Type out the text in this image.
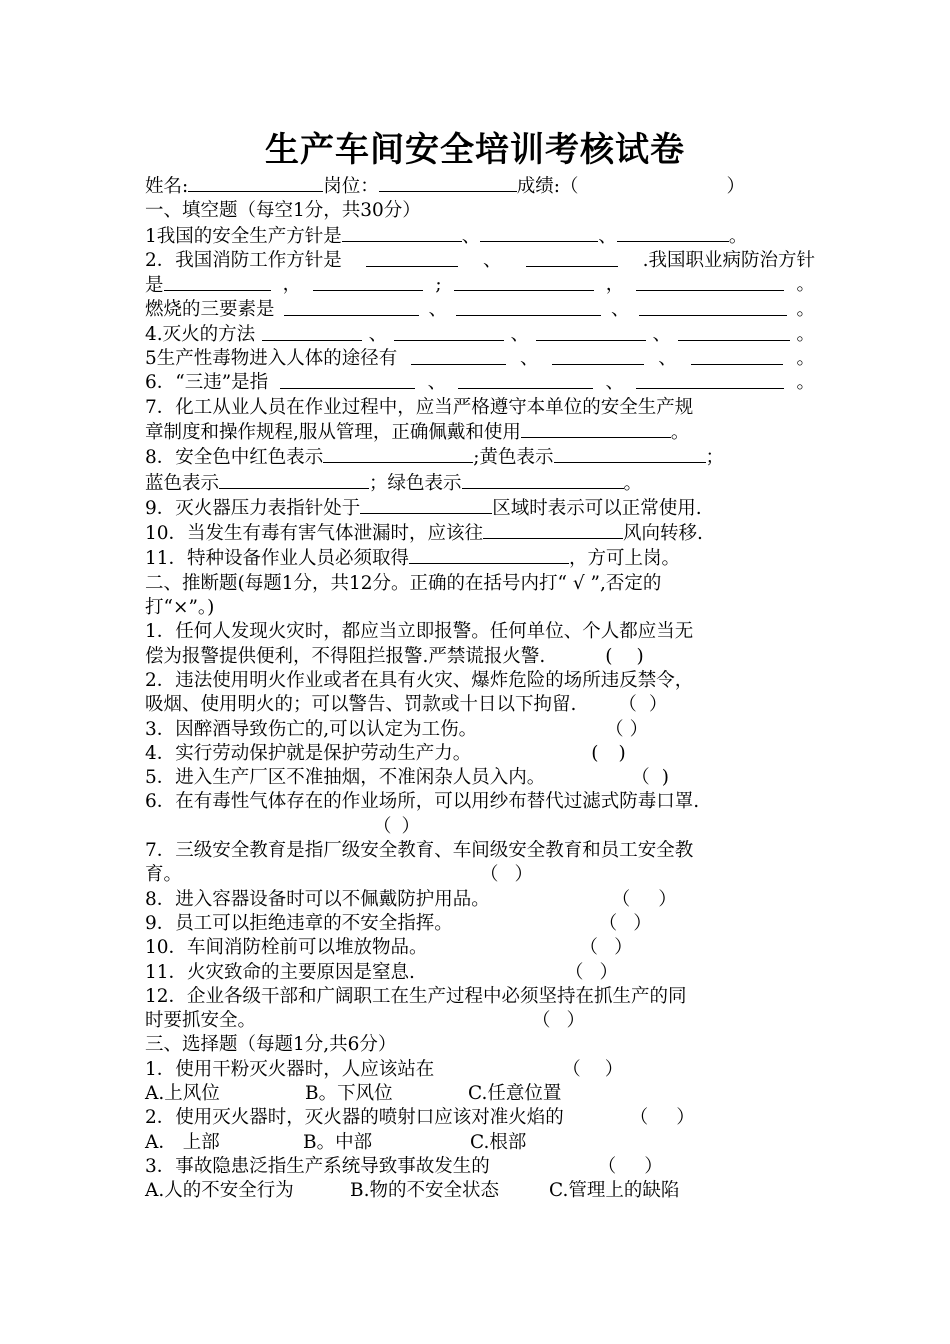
生产车间安全培训考核试卷
姓名:	岗位：	成绩:（	）
一、填空题（每空1分，共30分）
1我国的安全生产方针是	、	、	。
2．我国消防工作方针是	、	.我国职业病防治方针
是	，	;	，	。
燃烧的三要素是	、	、	。
4.灭火的方法	、	、	、	。
5生产性毒物进入人体的途径有	、	、	。
6．“三违”是指	、	、	。
7．化工从业人员在作业过程中，应当严格遵守本单位的安全生产规
章制度和操作规程,服从管理，正确佩戴和使用	。
8．安全色中红色表示	;黄色表示	；
蓝色表示	；绿色表示	。
9．灭火器压力表指针处于	区域时表示可以正常使用.
10．当发生有毒有害气体泄漏时，应该往	风向转移.
11．特种设备作业人员必须取得	，方可上岗。
二、推断题(每题1分，共12分。正确的在括号内打“ √ ”,否定的
打“×”。)
1．任何人发现火灾时，都应当立即报警。任何单位、个人都应当无
偿为报警提供便利，不得阻拦报警.严禁谎报火警.	( )
2．违法使用明火作业或者在具有火灾、爆炸危险的场所违反禁令，
吸烟、使用明火的；可以警告、罚款或十日以下拘留. （ ）
3．因醉酒导致伤亡的,可以认定为工伤。	（ ）
4．实行劳动保护就是保护劳动生产力。	( )
5．进入生产厂区不准抽烟，不准闲杂人员入内。	（ )
6．在有毒性气体存在的作业场所，可以用纱布替代过滤式防毒口罩.
（ ）
7．三级安全教育是指厂级安全教育、车间级安全教育和员工安全教
育。	（ ）
8．进入容器设备时可以不佩戴防护用品。	（ ）
9．员工可以拒绝违章的不安全指挥。	（ ）
10．车间消防栓前可以堆放物品。	（ ）
11．火灾致命的主要原因是窒息.	（ ）
12．企业各级干部和广阔职工在生产过程中必须坚持在抓生产的同
时要抓安全。	（ ）
三、选择题（每题1分,共6分）
1．使用干粉灭火器时，人应该站在	（ ）
A.上风位	B。下风位	C.任意位置
2．使用灭火器时，灭火器的喷射口应该对准火焰的	（ ）
A． 上部	B。中部	C.根部
3．事故隐患泛指生产系统导致事故发生的	（ ）
A.人的不安全行为	B.物的不安全状态	C.管理上的缺陷
